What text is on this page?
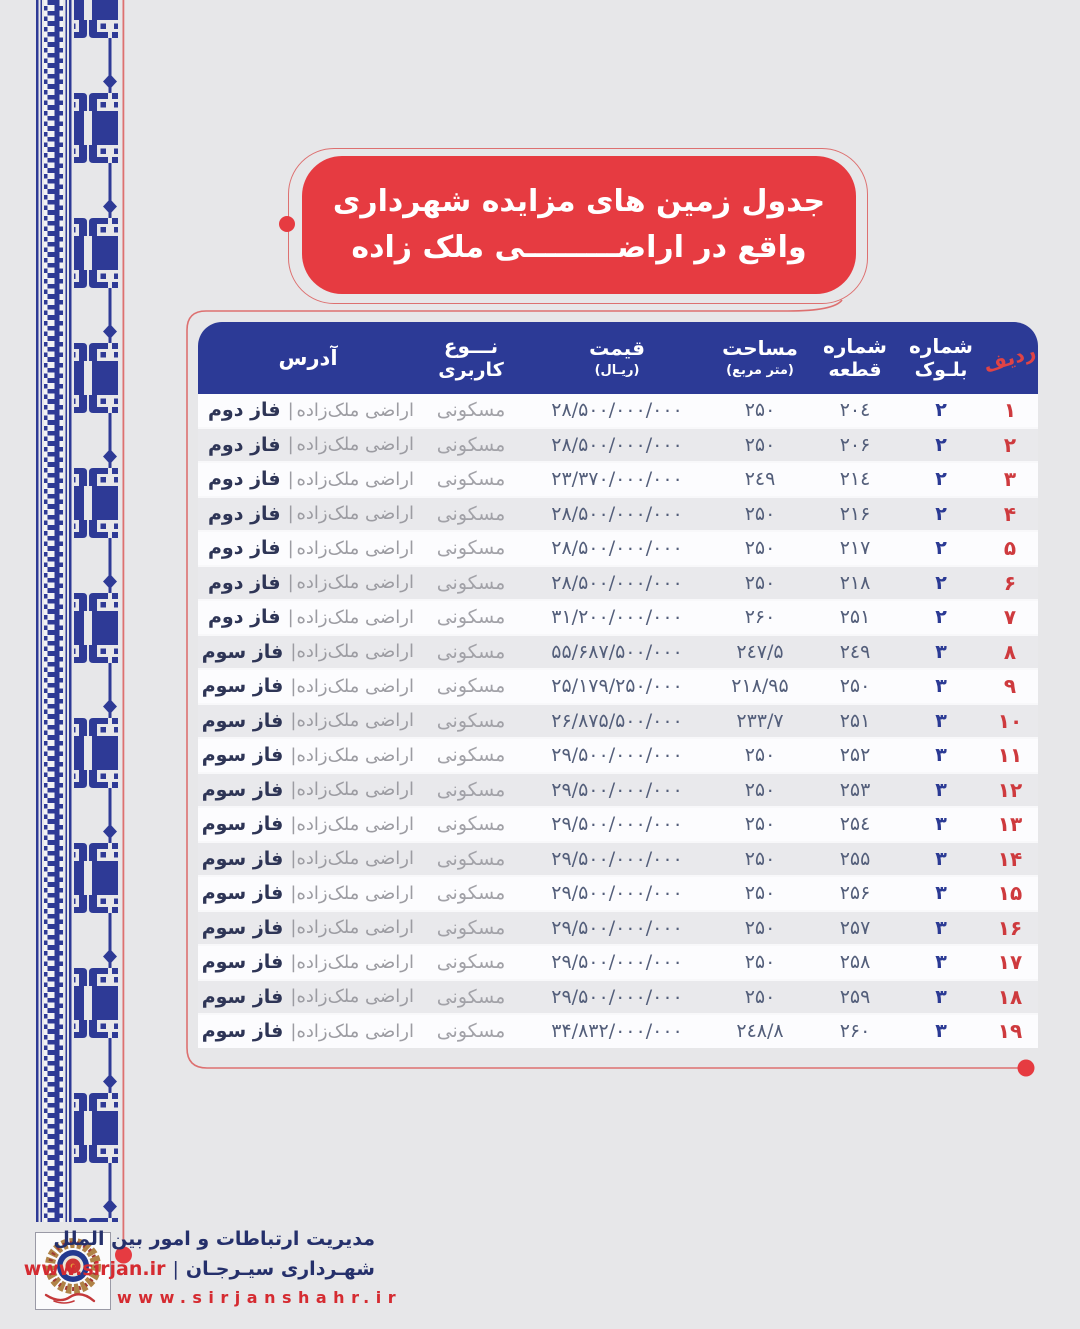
جدول زمین های مزایده شهرداری
واقع در اراضـــــــــی ملک زاده
ردیف
شماره
بلـوک
شماره
قطعه
مساحت
(متر مربع)
قیمت
(ریـال)
نـــوع
کاربری
آدرس
۱
۲
۲۰٤
۲۵۰
۲۸/۵۰۰/۰۰۰/۰۰۰
مسکونی
اراضی ملک‌زاده
|
فاز دوم
۲
۲
۲۰۶
۲۵۰
۲۸/۵۰۰/۰۰۰/۰۰۰
مسکونی
اراضی ملک‌زاده
|
فاز دوم
۳
۲
۲۱٤
۲٤۹
۲۳/۳۷۰/۰۰۰/۰۰۰
مسکونی
اراضی ملک‌زاده
|
فاز دوم
۴
۲
۲۱۶
۲۵۰
۲۸/۵۰۰/۰۰۰/۰۰۰
مسکونی
اراضی ملک‌زاده
|
فاز دوم
۵
۲
۲۱۷
۲۵۰
۲۸/۵۰۰/۰۰۰/۰۰۰
مسکونی
اراضی ملک‌زاده
|
فاز دوم
۶
۲
۲۱۸
۲۵۰
۲۸/۵۰۰/۰۰۰/۰۰۰
مسکونی
اراضی ملک‌زاده
|
فاز دوم
۷
۲
۲۵۱
۲۶۰
۳۱/۲۰۰/۰۰۰/۰۰۰
مسکونی
اراضی ملک‌زاده
|
فاز دوم
۸
۳
۲٤۹
۲٤۷/۵
۵۵/۶۸۷/۵۰۰/۰۰۰
مسکونی
اراضی ملک‌زاده
|
فاز سوم
۹
۳
۲۵۰
۲۱۸/۹۵
۲۵/۱۷۹/۲۵۰/۰۰۰
مسکونی
اراضی ملک‌زاده
|
فاز سوم
۱۰
۳
۲۵۱
۲۳۳/۷
۲۶/۸۷۵/۵۰۰/۰۰۰
مسکونی
اراضی ملک‌زاده
|
فاز سوم
۱۱
۳
۲۵۲
۲۵۰
۲۹/۵۰۰/۰۰۰/۰۰۰
مسکونی
اراضی ملک‌زاده
|
فاز سوم
۱۲
۳
۲۵۳
۲۵۰
۲۹/۵۰۰/۰۰۰/۰۰۰
مسکونی
اراضی ملک‌زاده
|
فاز سوم
۱۳
۳
۲۵٤
۲۵۰
۲۹/۵۰۰/۰۰۰/۰۰۰
مسکونی
اراضی ملک‌زاده
|
فاز سوم
۱۴
۳
۲۵۵
۲۵۰
۲۹/۵۰۰/۰۰۰/۰۰۰
مسکونی
اراضی ملک‌زاده
|
فاز سوم
۱۵
۳
۲۵۶
۲۵۰
۲۹/۵۰۰/۰۰۰/۰۰۰
مسکونی
اراضی ملک‌زاده
|
فاز سوم
۱۶
۳
۲۵۷
۲۵۰
۲۹/۵۰۰/۰۰۰/۰۰۰
مسکونی
اراضی ملک‌زاده
|
فاز سوم
۱۷
۳
۲۵۸
۲۵۰
۲۹/۵۰۰/۰۰۰/۰۰۰
مسکونی
اراضی ملک‌زاده
|
فاز سوم
۱۸
۳
۲۵۹
۲۵۰
۲۹/۵۰۰/۰۰۰/۰۰۰
مسکونی
اراضی ملک‌زاده
|
فاز سوم
۱۹
۳
۲۶۰
۲٤۸/۸
۳۴/۸۳۲/۰۰۰/۰۰۰
مسکونی
اراضی ملک‌زاده
|
فاز سوم
مدیریت ارتباطات و امور بین الملل
شهـرداری سیـرجـان
|
www.sirjan.ir
www.sirjanshahr.ir
